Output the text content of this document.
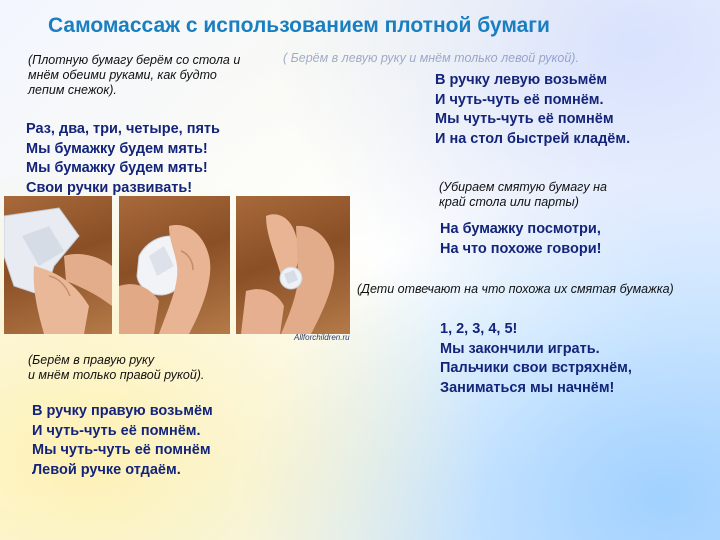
Самомассаж с использованием плотной бумаги
(Плотную бумагу берём со стола и
мнём обеими руками, как будто
лепим снежок).
( Берём в левую руку и мнём только левой рукой).
Раз, два, три, четыре, пять
Мы бумажку будем мять!
Мы бумажку будем мять!
Свои ручки развивать!
В ручку левую возьмём
И чуть-чуть её помнём.
Мы чуть-чуть её помнём
И на стол быстрей кладём.
(Убираем смятую бумагу на
край стола или парты)
На бумажку посмотри,
На что похоже говори!
(Дети отвечают на что похожа их смятая бумажка)
1, 2, 3, 4, 5!
Мы закончили играть.
Пальчики свои встряхнём,
Заниматься мы начнём!
(Берём в правую руку
и мнём только правой рукой).
В ручку правую возьмём
И чуть-чуть её помнём.
Мы чуть-чуть её помнём
Левой ручке отдаём.
Allforchildren.ru
